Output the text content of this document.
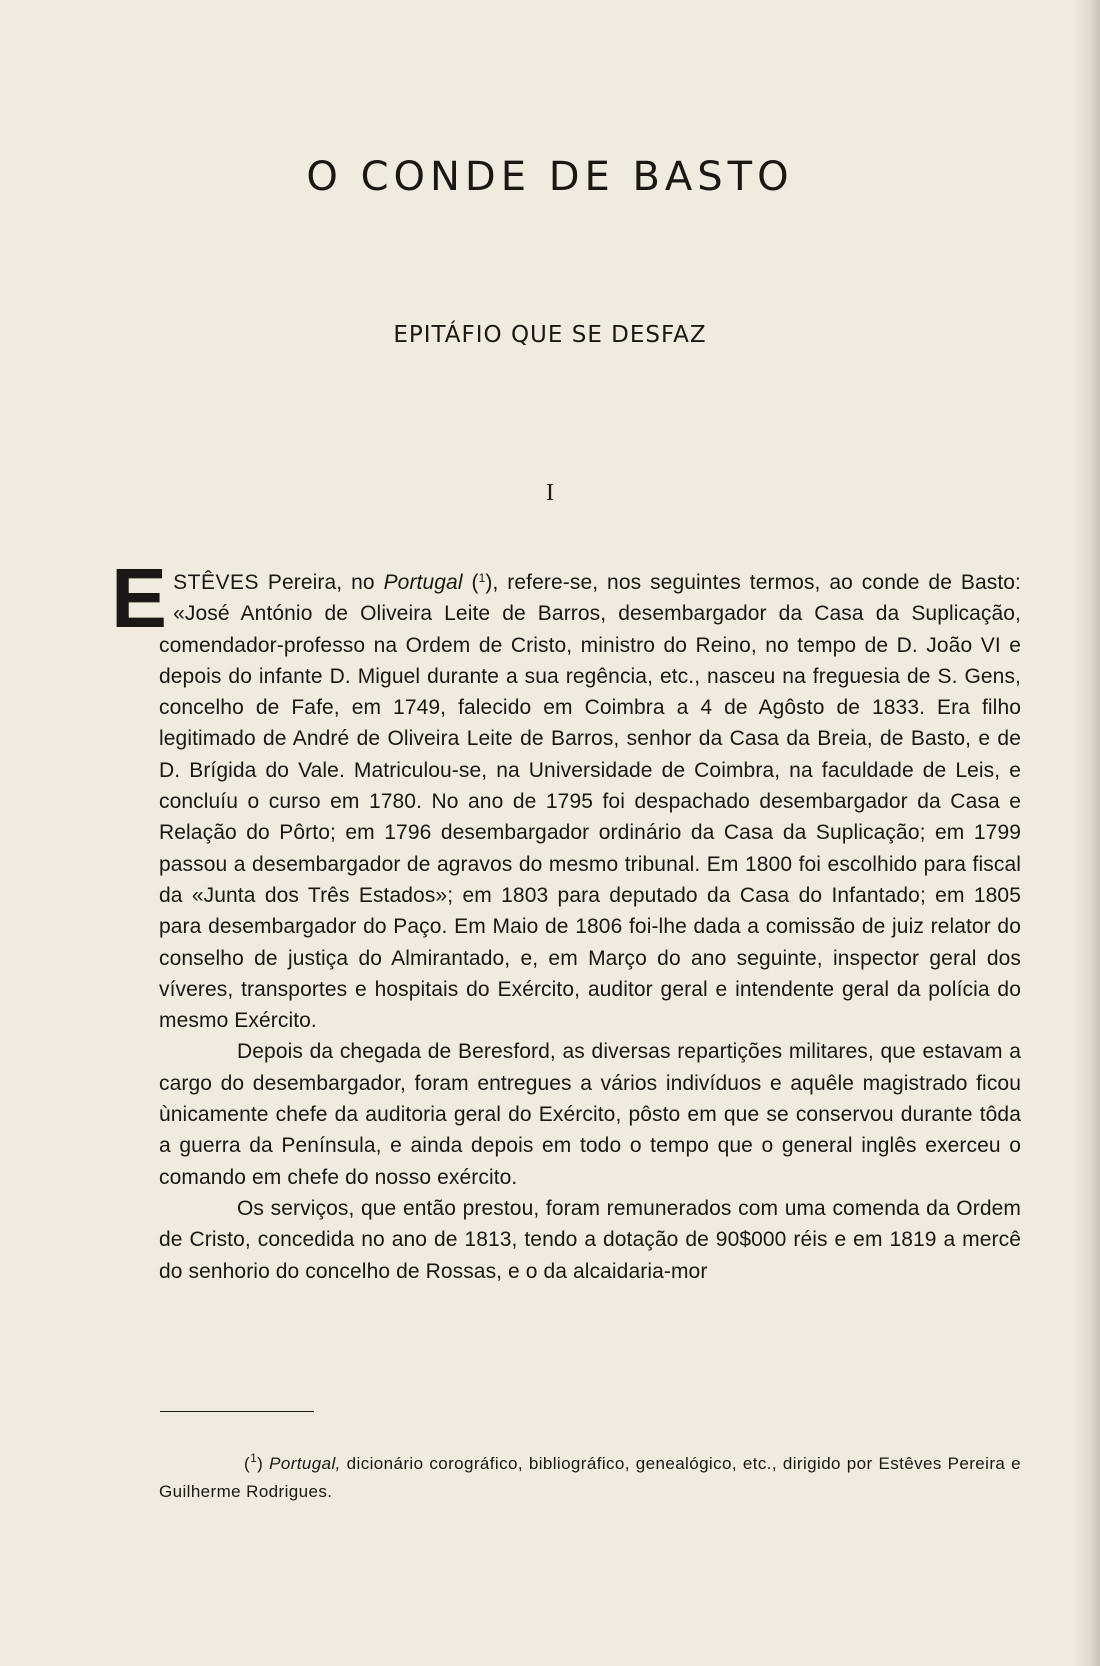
O CONDE DE BASTO
EPITÁFIO QUE SE DESFAZ
I

ESTÊVES Pereira, no Portugal ($^1$), refere-se, nos seguintes termos, ao conde de Basto: «José António de Oliveira Leite de Barros, desembargador da Casa da Suplicação, comendador-professo na Ordem de Cristo, ministro do Reino, no tempo de D. João VI e depois do infante D. Miguel durante a sua regência, etc., nasceu na freguesia de S. Gens, concelho de Fafe, em 1749, falecido em Coimbra a 4 de Agôsto de 1833. Era filho legitimado de André de Oliveira Leite de Barros, senhor da Casa da Breia, de Basto, e de D. Brígida do Vale. Matriculou-se, na Universidade de Coimbra, na faculdade de Leis, e concluíu o curso em 1780. No ano de 1795 foi despachado desembargador da Casa e Relação do Pôrto; em 1796 desembargador ordinário da Casa da Suplicação; em 1799 passou a desembargador de agravos do mesmo tribunal. Em 1800 foi escolhido para fiscal da «Junta dos Três Estados»; em 1803 para deputado da Casa do Infantado; em 1805 para desembargador do Paço. Em Maio de 1806 foi-lhe dada a comissão de juiz relator do conselho de justiça do Almirantado, e, em Março do ano seguinte, inspector geral dos víveres, transportes e hospitais do Exército, auditor geral e intendente geral da polícia do mesmo Exército.

Depois da chegada de Beresford, as diversas repartições militares, que estavam a cargo do desembargador, foram entregues a vários indivíduos e aquêle magistrado ficou ùnicamente chefe da auditoria geral do Exército, pôsto em que se conservou durante tôda a guerra da Península, e ainda depois em todo o tempo que o general inglês exerceu o comando em chefe do nosso exército.

Os serviços, que então prestou, foram remunerados com uma comenda da Ordem de Cristo, concedida no ano de 1813, tendo a dotação de 90$000 réis e em 1819 a mercê do senhorio do concelho de Rossas, e o da alcaidaria-mor

($^1$) Portugal, dicionário corográfico, bibliográfico, genealógico, etc., dirigido por Estêves Pereira e Guilherme Rodrigues.
